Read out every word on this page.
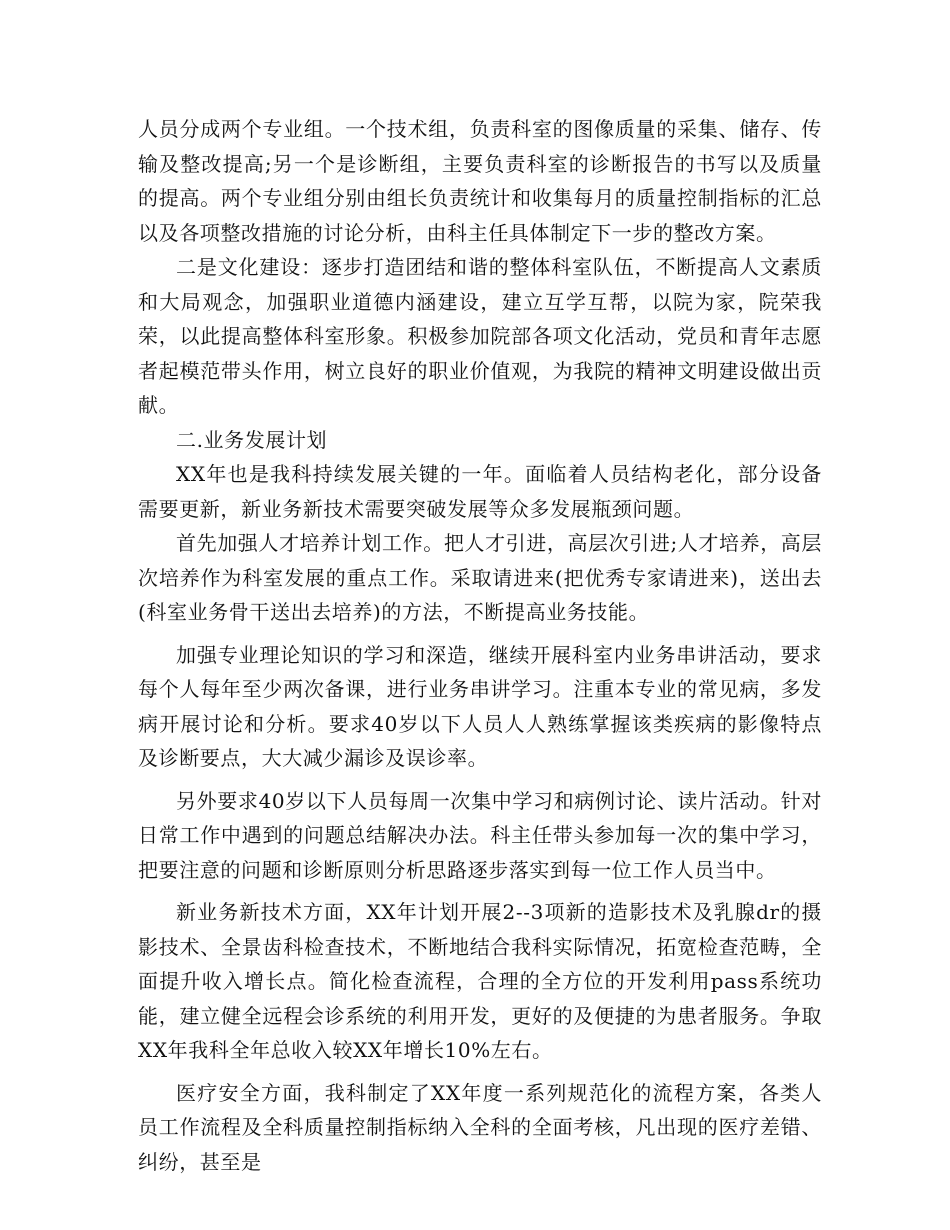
人员分成两个专业组。一个技术组，负责科室的图像质量的采集、储存、传输及整改提高;另一个是诊断组，主要负责科室的诊断报告的书写以及质量的提高。两个专业组分别由组长负责统计和收集每月的质量控制指标的汇总以及各项整改措施的讨论分析，由科主任具体制定下一步的整改方案。

二是文化建设：逐步打造团结和谐的整体科室队伍，不断提高人文素质和大局观念，加强职业道德内涵建设，建立互学互帮，以院为家，院荣我荣，以此提高整体科室形象。积极参加院部各项文化活动，党员和青年志愿者起模范带头作用，树立良好的职业价值观，为我院的精神文明建设做出贡献。

二.业务发展计划

XX年也是我科持续发展关键的一年。面临着人员结构老化，部分设备需要更新，新业务新技术需要突破发展等众多发展瓶颈问题。

首先加强人才培养计划工作。把人才引进，高层次引进;人才培养，高层次培养作为科室发展的重点工作。采取请进来(把优秀专家请进来)，送出去(科室业务骨干送出去培养)的方法，不断提高业务技能。

加强专业理论知识的学习和深造，继续开展科室内业务串讲活动，要求每个人每年至少两次备课，进行业务串讲学习。注重本专业的常见病，多发病开展讨论和分析。要求40岁以下人员人人熟练掌握该类疾病的影像特点及诊断要点，大大减少漏诊及误诊率。

另外要求40岁以下人员每周一次集中学习和病例讨论、读片活动。针对日常工作中遇到的问题总结解决办法。科主任带头参加每一次的集中学习，把要注意的问题和诊断原则分析思路逐步落实到每一位工作人员当中。

新业务新技术方面，XX年计划开展2--3项新的造影技术及乳腺dr的摄影技术、全景齿科检查技术，不断地结合我科实际情况，拓宽检查范畴，全面提升收入增长点。简化检查流程，合理的全方位的开发利用pass系统功能，建立健全远程会诊系统的利用开发，更好的及便捷的为患者服务。争取XX年我科全年总收入较XX年增长10%左右。

医疗安全方面，我科制定了XX年度一系列规范化的流程方案，各类人员工作流程及全科质量控制指标纳入全科的全面考核，凡出现的医疗差错、纠纷，甚至是
